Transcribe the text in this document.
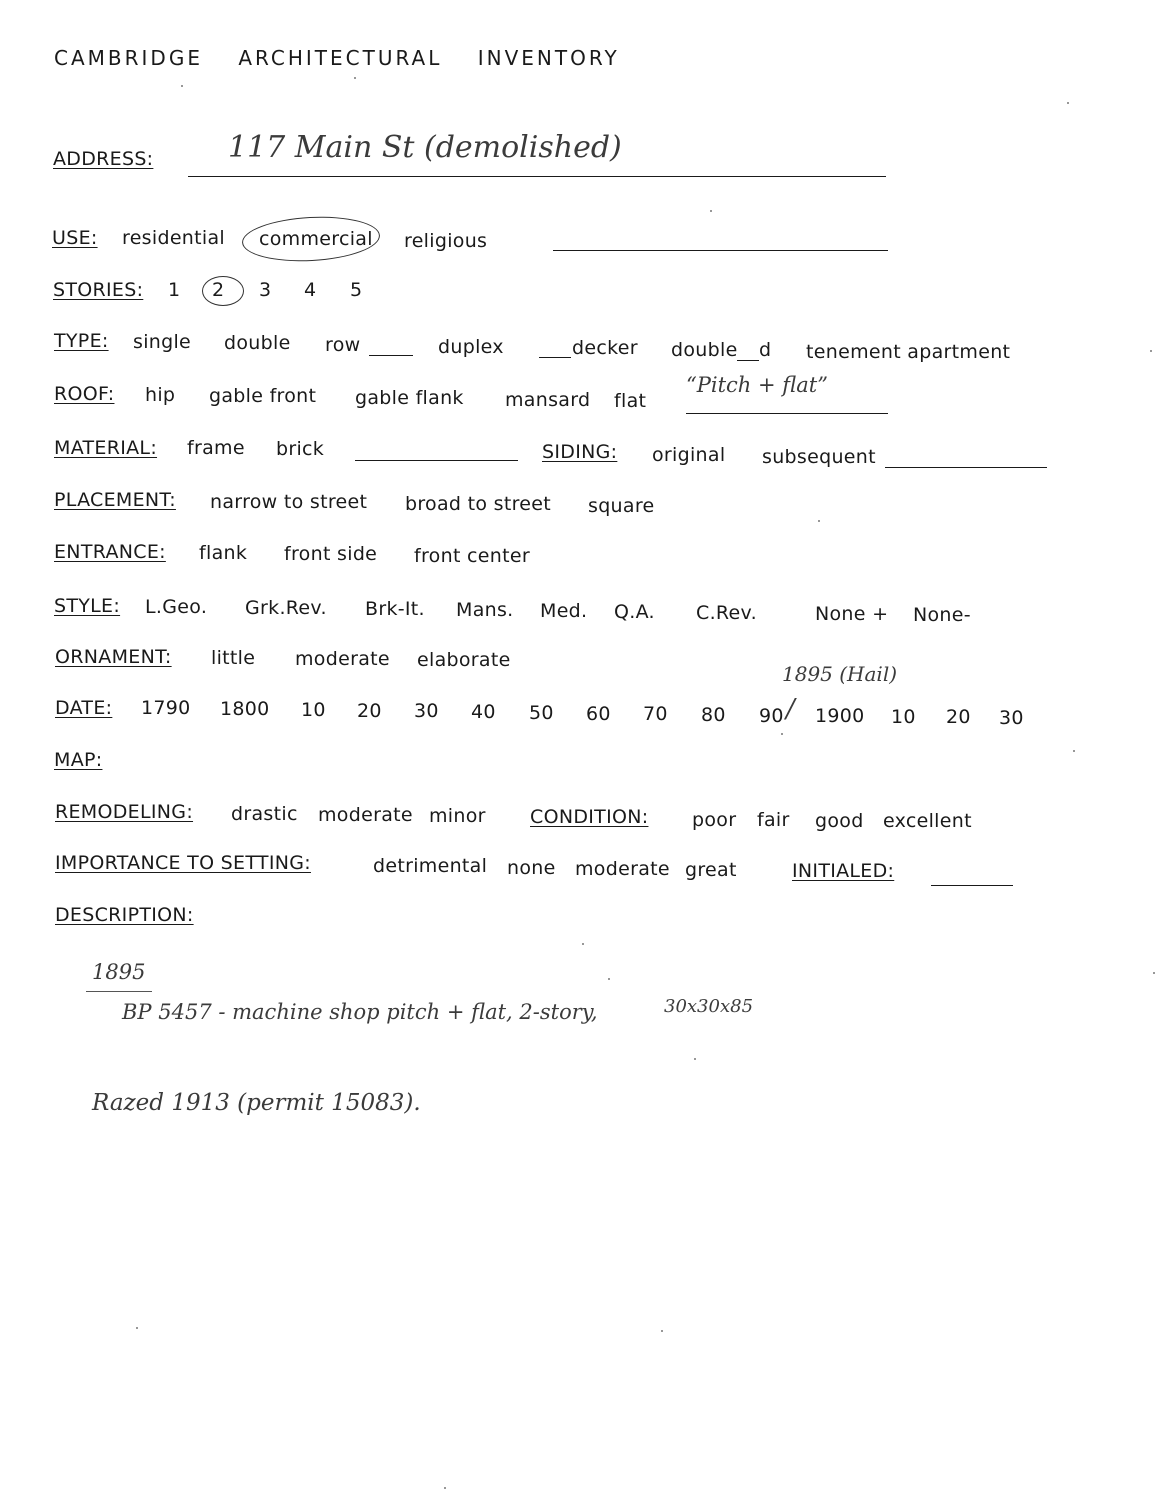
CAMBRIDGE ARCHITECTURAL INVENTORY
ADDRESS: 117 Main St (demolished)
USE: residential commercial religious
STORIES: 1 2 3 4 5
TYPE: single double row	duplex	decker double d tenement apartment
ROOF: hip gable front gable flank mansard flat
“Pitch + flat”
MATERIAL: frame brick	SIDING: original subsequent
PLACEMENT: narrow to street broad to street square
ENTRANCE: flank front side front center
STYLE: L.Geo. Grk.Rev. Brk-It. Mans. Med. Q.A. C.Rev.	None + None-
ORNAMENT: little moderate elaborate
1895 (Hail)
DATE: 1790 1800 10 20 30 40 50 60 70 80 90 / 1900 10 20 30
MAP:
REMODELING: drastic moderate minor CONDITION: poor fair good excellent
IMPORTANCE TO SETTING:	detrimental none moderate great	INITIALED:
DESCRIPTION:
1895
BP 5457 - machine shop pitch + flat, 2-story,	30x30x85
Razed 1913 (permit 15083).
